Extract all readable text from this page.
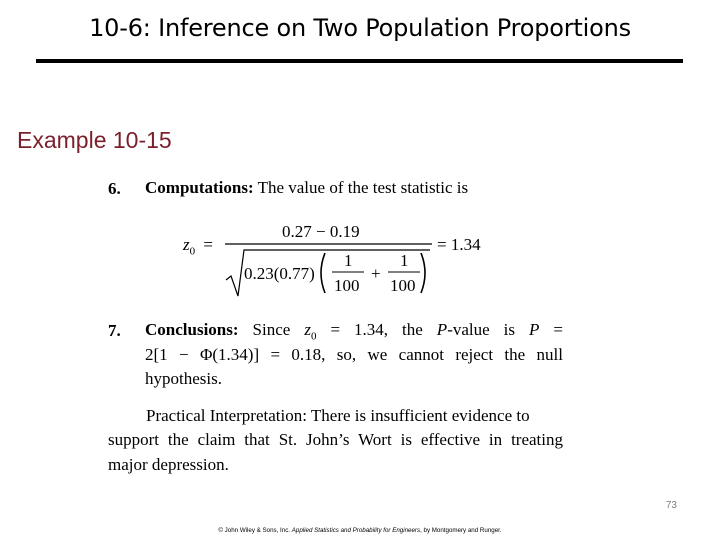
10-6: Inference on Two Population Proportions
Example 10-15
6. Computations: The value of the test statistic is
$z_0$ =
0.27 − 0.19
0.23(0.77)
1
100
+
1
100
= 1.34
7. Conclusions: Since $z_0 = 1.34$, the P-value is P =
2[1 − Φ(1.34)] = 0.18, so, we cannot reject the null
hypothesis.
Practical Interpretation: There is insufficient evidence to
support the claim that St. John’s Wort is effective in treating
major depression.
73
© John Wiley & Sons, Inc. Applied Statistics and Probability for Engineers, by Montgomery and Runger.
